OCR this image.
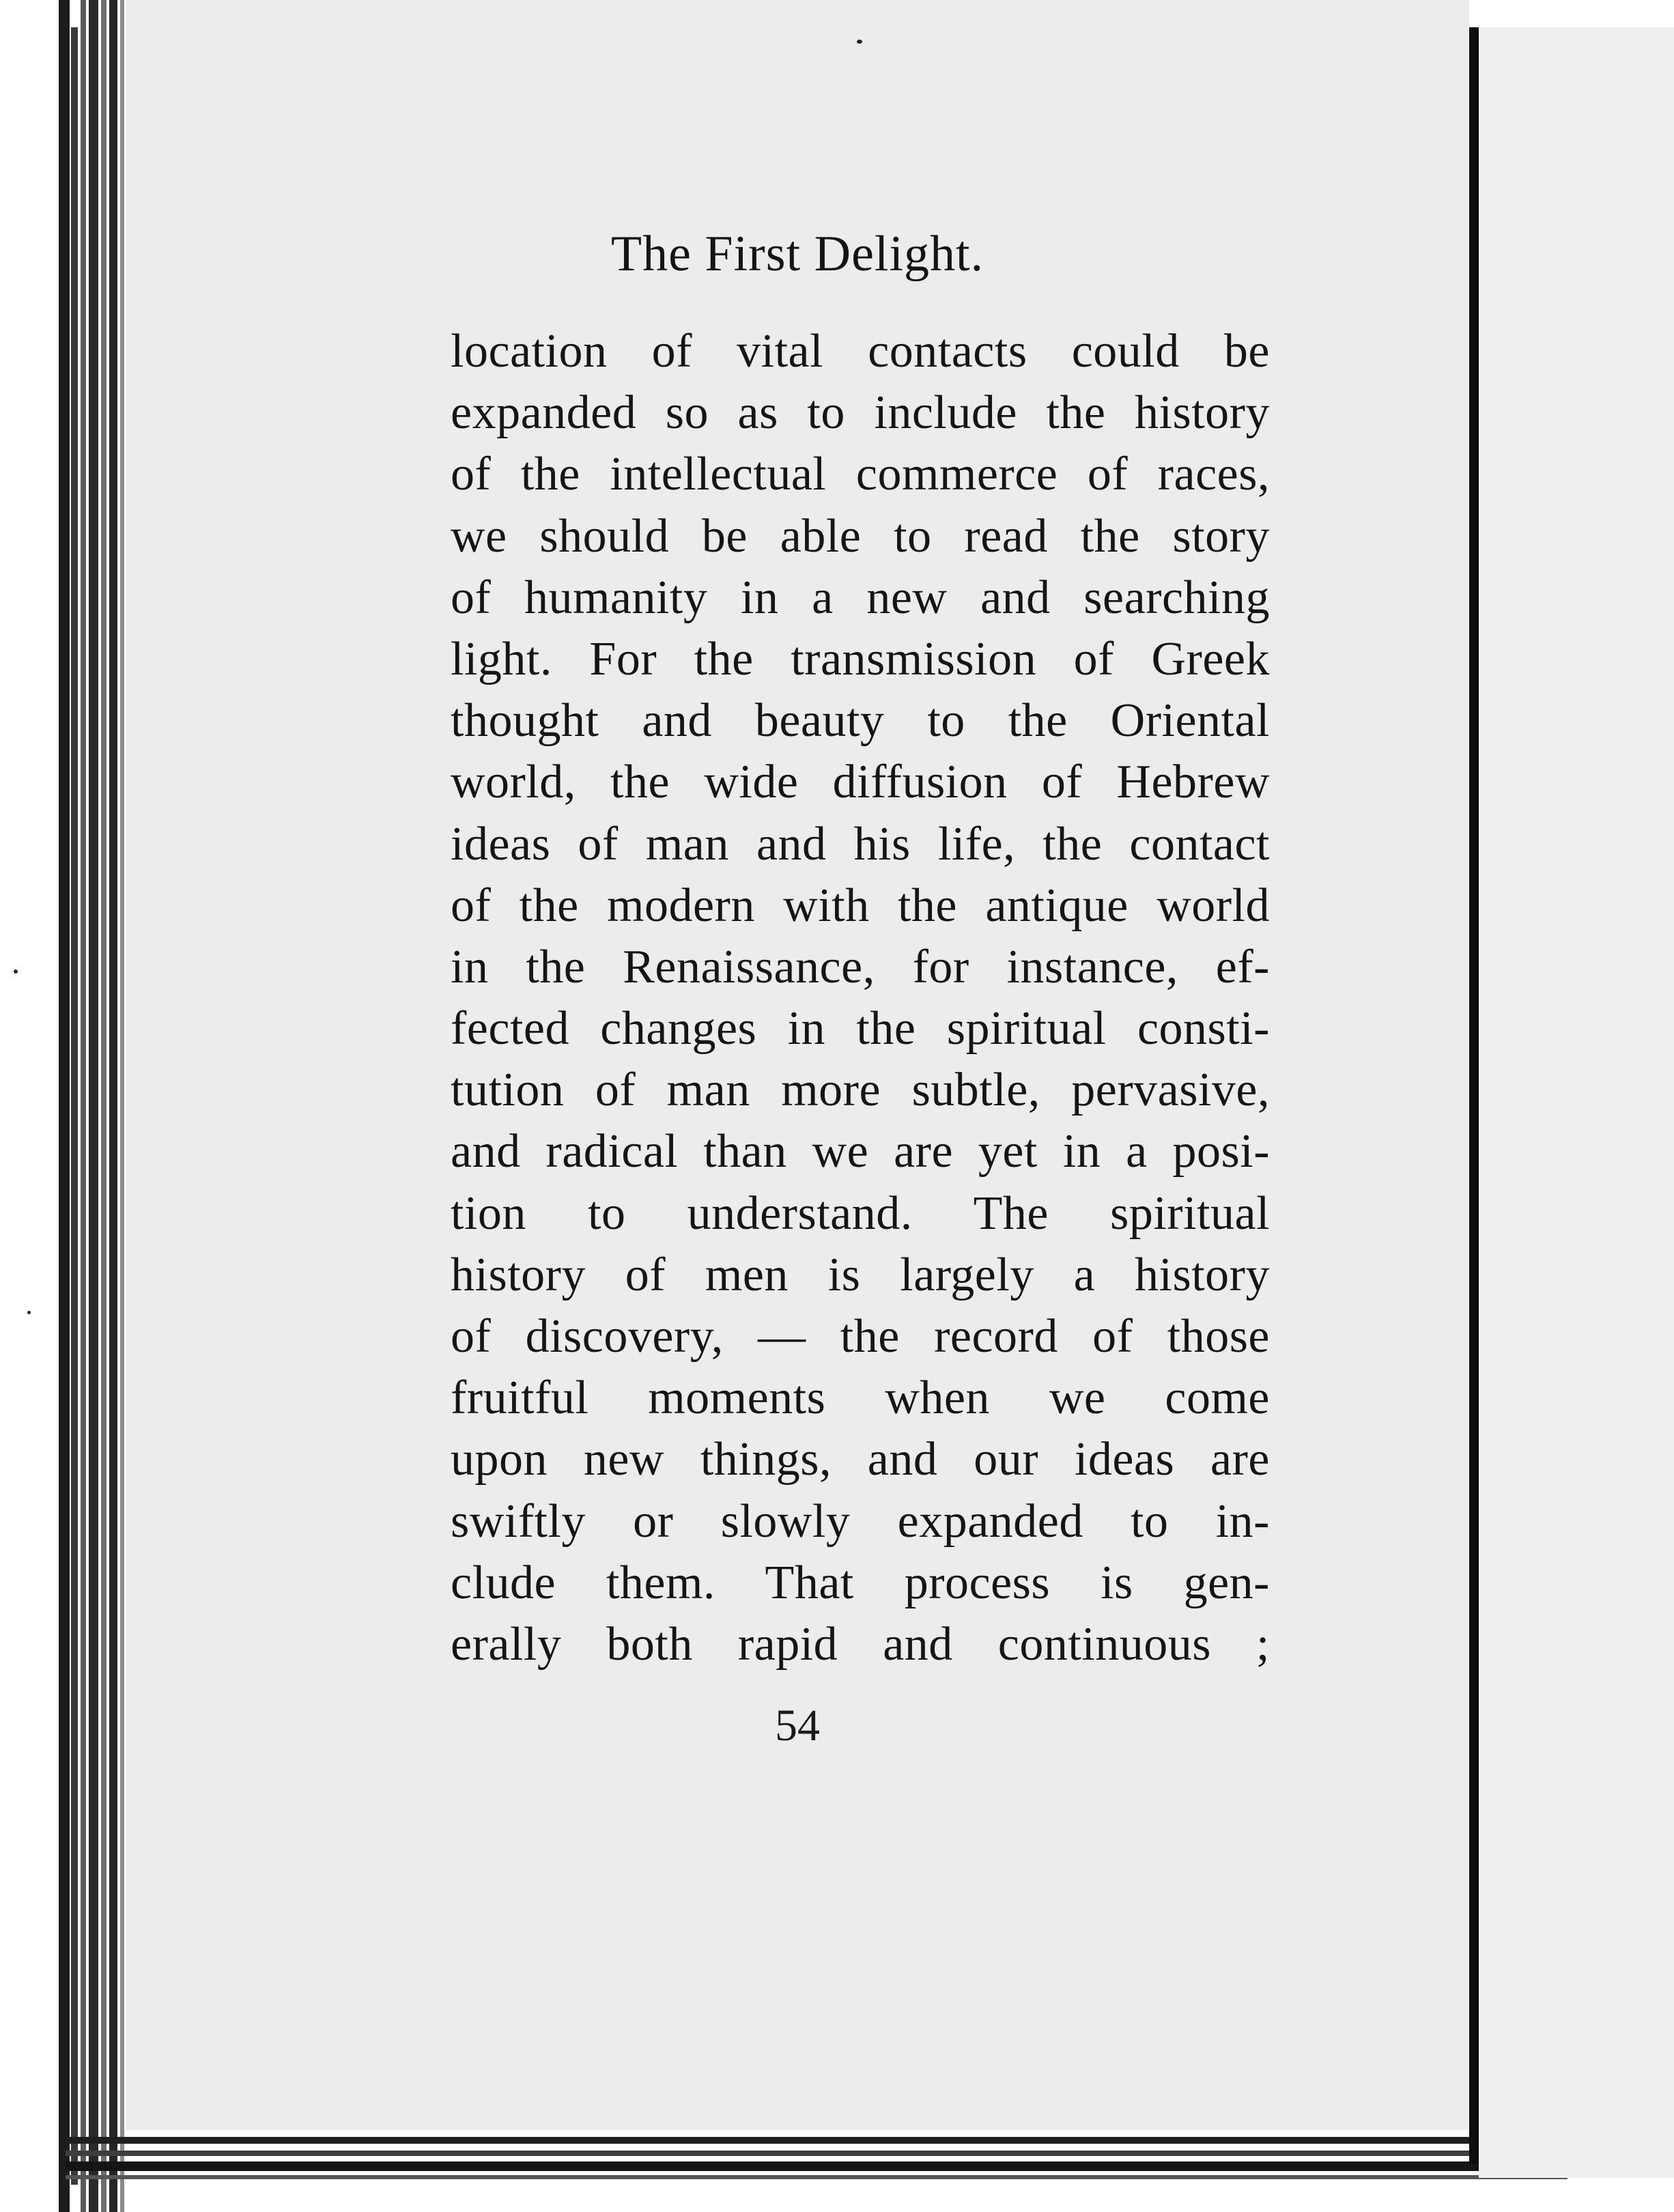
The First Delight.
location of vital contacts could be
expanded so as to include the history
of the intellectual commerce of races,
we should be able to read the story
of humanity in a new and searching
light. For the transmission of Greek
thought and beauty to the Oriental
world, the wide diffusion of Hebrew
ideas of man and his life, the contact
of the modern with the antique world
in the Renaissance, for instance, ef-
fected changes in the spiritual consti-
tution of man more subtle, pervasive,
and radical than we are yet in a posi-
tion to understand. The spiritual
history of men is largely a history
of discovery, — the record of those
fruitful moments when we come
upon new things, and our ideas are
swiftly or slowly expanded to in-
clude them. That process is gen-
erally both rapid and continuous ;
54
